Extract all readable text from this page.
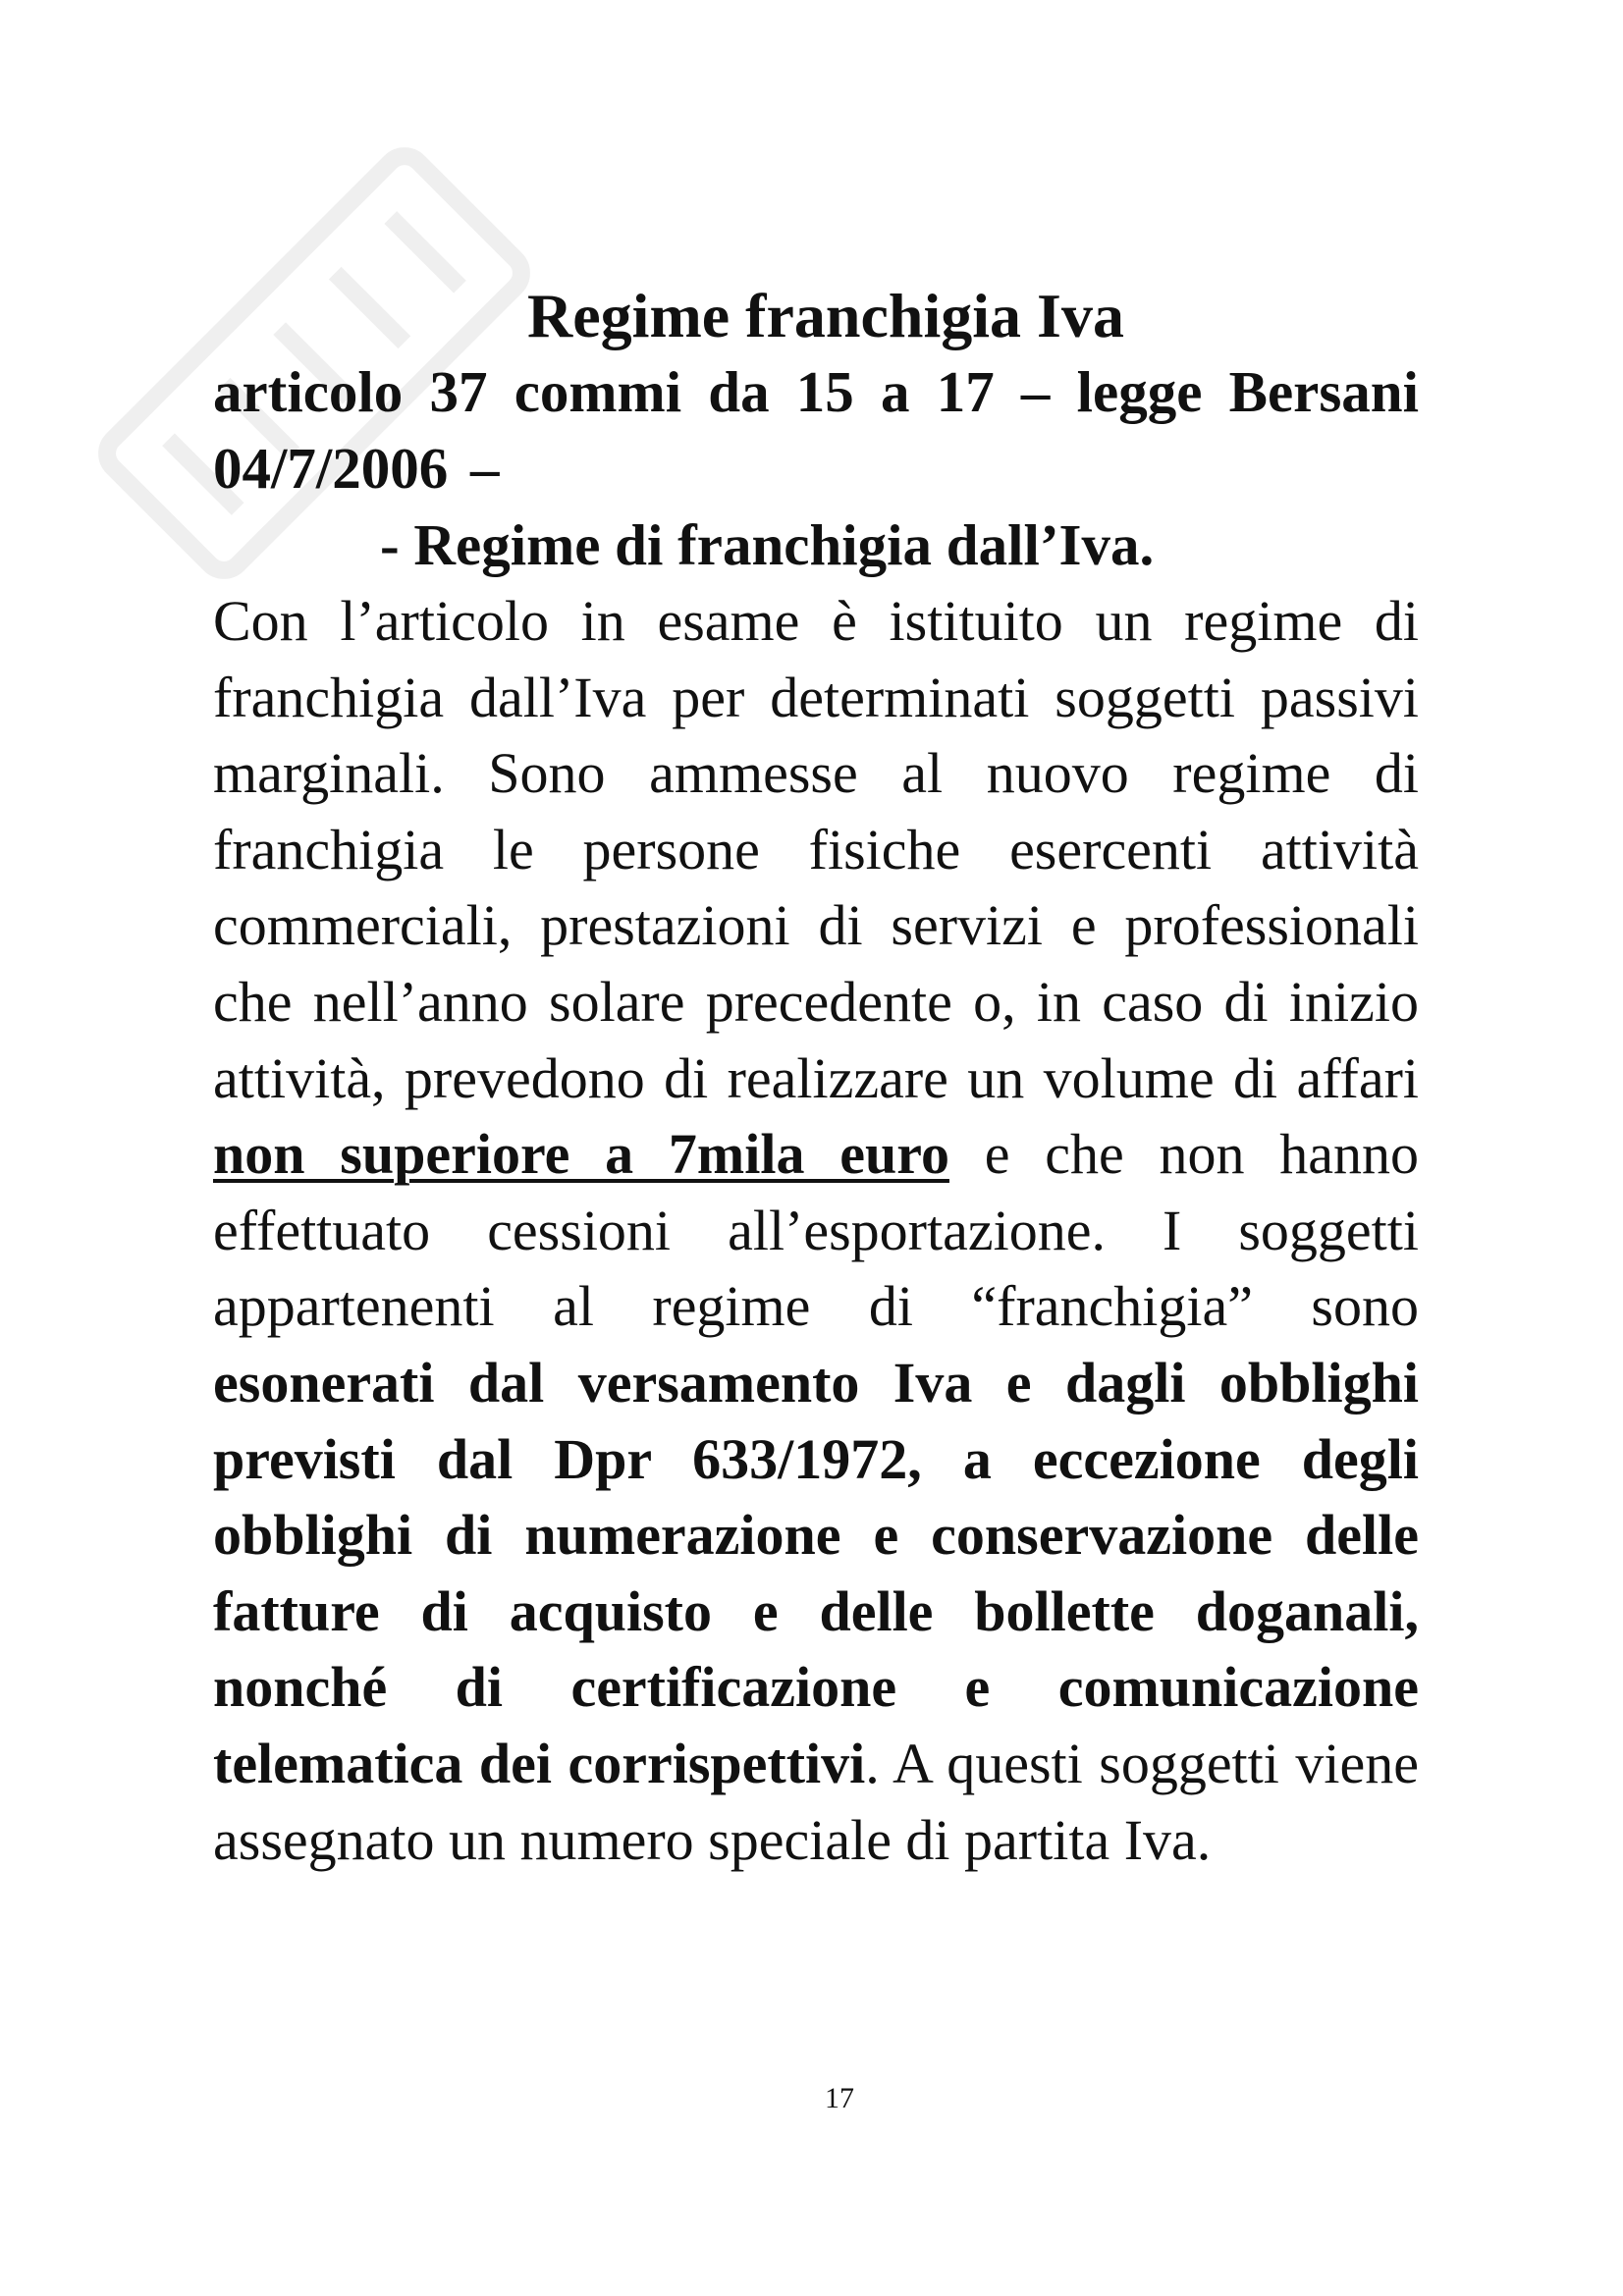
Regime franchigia Iva

articolo 37 commi da 15 a 17 – legge Bersani 04/7/2006 –

- Regime di franchigia dall’Iva.

Con l’articolo in esame è istituito un regime di franchigia dall’Iva per determinati soggetti passivi marginali. Sono ammesse al nuovo regime di franchigia le persone fisiche esercenti attività commerciali, prestazioni di servizi e professionali che nell’anno solare precedente o, in caso di inizio attività, prevedono di realizzare un volume di affari non superiore a 7mila euro e che non hanno effettuato cessioni all’esportazione. I soggetti appartenenti al regime di “franchigia” sono esonerati dal versamento Iva e dagli obblighi previsti dal Dpr 633/1972, a eccezione degli obblighi di numerazione e conservazione delle fatture di acquisto e delle bollette doganali, nonché di certificazione e comunicazione telematica dei corrispettivi. A questi soggetti viene assegnato un numero speciale di partita Iva.

17
